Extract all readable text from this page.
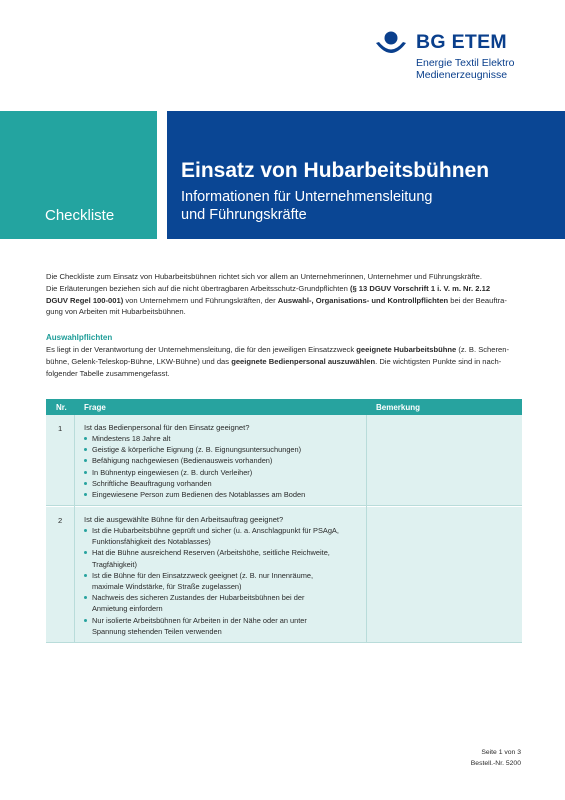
BG ETEM
Energie Textil Elektro
Medienerzeugnisse
Checkliste
Einsatz von Hubarbeitsbühnen
Informationen für Unternehmensleitung
und Führungskräfte
Die Checkliste zum Einsatz von Hubarbeitsbühnen richtet sich vor allem an Unternehmerinnen, Unternehmer und Führungskräfte.
Die Erläuterungen beziehen sich auf die nicht übertragbaren Arbeitsschutz-Grundpflichten (§ 13 DGUV Vorschrift 1 i. V. m. Nr. 2.12
DGUV Regel 100-001) von Unternehmern und Führungskräften, der Auswahl-, Organisations- und Kontrollpflichten bei der Beauftra-
gung von Arbeiten mit Hubarbeitsbühnen.
Auswahlpflichten
Es liegt in der Verantwortung der Unternehmensleitung, die für den jeweiligen Einsatzzweck geeignete Hubarbeitsbühne (z. B. Scheren-
bühne, Gelenk-Teleskop-Bühne, LKW-Bühne) und das geeignete Bedienpersonal auszuwählen. Die wichtigsten Punkte sind in nach-
folgender Tabelle zusammengefasst.
Nr. Frage	Bemerkung
1	Ist das Bedienpersonal für den Einsatz geeignet?
Mindestens 18 Jahre alt
Geistige & körperliche Eignung (z. B. Eignungsuntersuchungen)
Befähigung nachgewiesen (Bedienausweis vorhanden)
In Bühnentyp eingewiesen (z. B. durch Verleiher)
Schriftliche Beauftragung vorhanden
Eingewiesene Person zum Bedienen des Notablasses am Boden
2	Ist die ausgewählte Bühne für den Arbeitsauftrag geeignet?
Ist die Hubarbeitsbühne geprüft und sicher (u. a. Anschlagpunkt für PSAgA,
Funktionsfähigkeit des Notablasses)
Hat die Bühne ausreichend Reserven (Arbeitshöhe, seitliche Reichweite,
Tragfähigkeit)
Ist die Bühne für den Einsatzzweck geeignet (z. B. nur Innenräume,
maximale Windstärke, für Straße zugelassen)
Nachweis des sicheren Zustandes der Hubarbeitsbühnen bei der
Anmietung einfordern
Nur isolierte Arbeitsbühnen für Arbeiten in der Nähe oder an unter
Spannung stehenden Teilen verwenden
Seite 1 von 3
Bestell.-Nr. 5200
